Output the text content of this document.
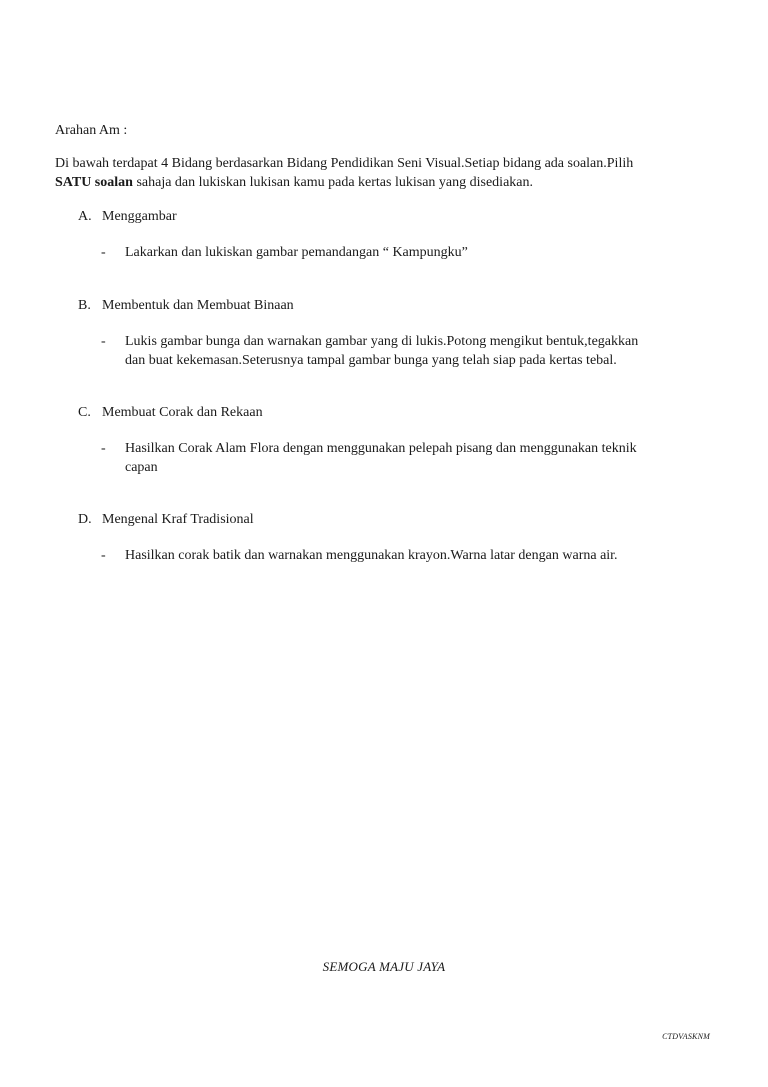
Arahan Am :
Di bawah terdapat 4 Bidang berdasarkan Bidang Pendidikan Seni Visual.Setiap bidang ada soalan.Pilih
SATU soalan sahaja dan lukiskan lukisan kamu pada kertas lukisan yang disediakan.
A. Menggambar
- Lakarkan dan lukiskan gambar pemandangan “ Kampungku”
B. Membentuk dan Membuat Binaan
- Lukis gambar bunga dan warnakan gambar yang di lukis.Potong mengikut bentuk,tegakkan
dan buat kekemasan.Seterusnya tampal gambar bunga yang telah siap pada kertas tebal.
C. Membuat Corak dan Rekaan
- Hasilkan Corak Alam Flora dengan menggunakan pelepah pisang dan menggunakan teknik
capan
D. Mengenal Kraf Tradisional
- Hasilkan corak batik dan warnakan menggunakan krayon.Warna latar dengan warna air.
SEMOGA MAJU JAYA
CTDVASKNM
